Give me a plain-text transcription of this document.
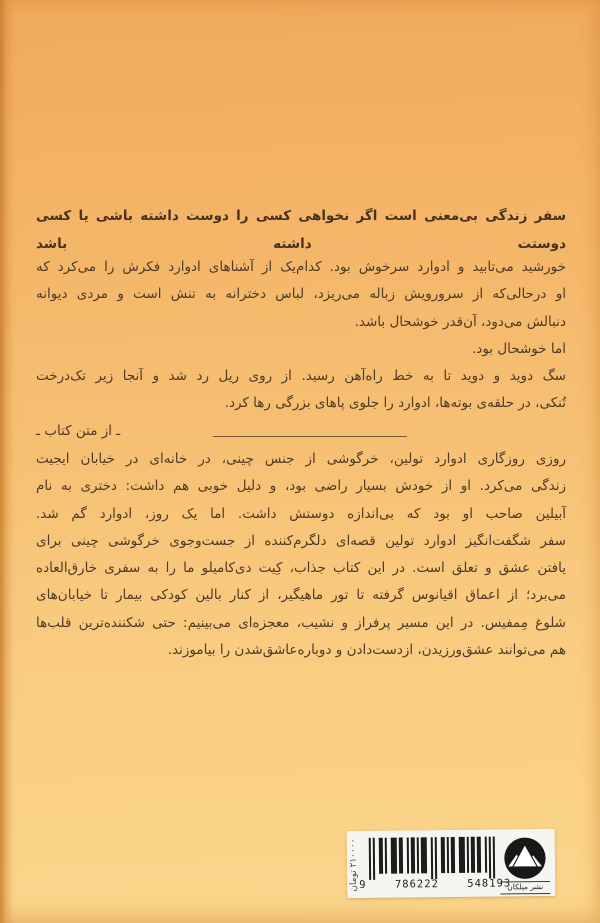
سفر زندگی بی‌معنی است اگر نخواهی کسی را دوست داشته باشی یا کسی دوستت داشته باشد
خورشید می‌تابید و ادوارد سرخوش بود. کدام‌یک از آشناهای ادوارد فکرش را می‌کرد که
او درحالی‌که از سرورویش زباله می‌ریزد، لباس دخترانه به تنش است و مردی دیوانه
دنبالش می‌دود، آن‌قدر خوشحال باشد.
اما خوشحال بود.
سگ دوید و دوید تا به خط راه‌آهن رسید. از روی ریل رد شد و آنجا زیر تک‌درخت
تُنکی، در حلقه‌ی بوته‌ها، ادوارد را جلوی پاهای بزرگی رها کرد.
ـ از متن کتاب ـ
روزی روزگاری ادوارد تولین، خرگوشی از جنس چینی، در خانه‌ای در خیابان ایجیت
زندگی می‌کرد. او از خودش بسیار راضی بود، و دلیل خوبی هم داشت: دختری به نام
آبیلین صاحب او بود که بی‌اندازه دوستش داشت. اما یک روز، ادوارد گم شد.
سفر شگفت‌انگیز ادوارد تولین قصه‌ای دلگرم‌کننده از جست‌وجوی خرگوشی چینی برای
یافتن عشق و تعلق است. در این کتاب جذاب، کِیت دی‌کامیلو ما را به سفری خارق‌العاده
می‌برد؛ از اعماق اقیانوس گرفته تا تور ماهیگیر، از کنار بالین کودکی بیمار تا خیابان‌های
شلوغ مِمفیس. در این مسیر پرفراز و نشیب، معجزه‌ای می‌بینیم: حتی شکننده‌ترین قلب‌ها
هم می‌توانند عشق‌ورزیدن، ازدست‌دادن و دوباره‌عاشق‌شدن را بیاموزند.
۲۱۰۰۰۰ تومان
9	786222	548193
نشر میلکان
